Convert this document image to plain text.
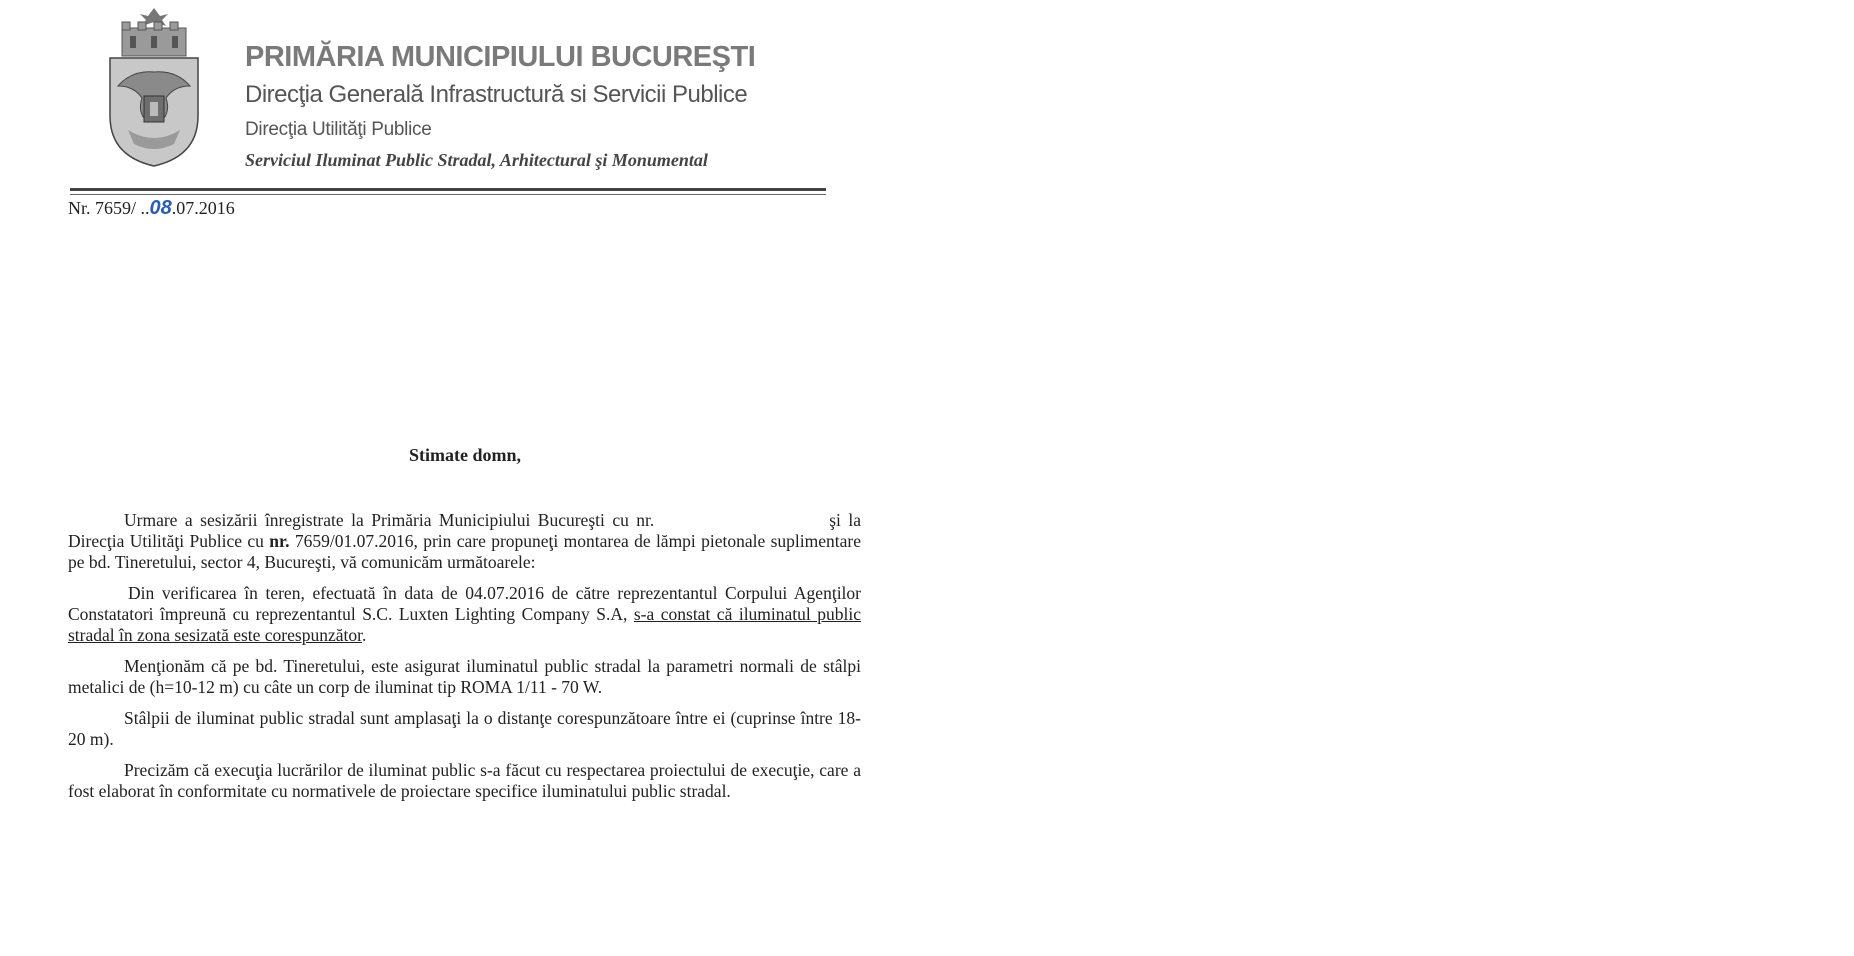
PRIMĂRIA MUNICIPIULUI BUCUREŞTI
Direcţia Generală Infrastructură si Servicii Publice
Direcţia Utilităţi Publice
Serviciul Iluminat Public Stradal, Arhitectural şi Monumental
Nr. 7659/ ..08.07.2016
Stimate domn,

Urmare a sesizării înregistrate la Primăria Municipiului Bucureşti cu nr.	şi la Direcţia Utilităţi Publice cu nr. 7659/01.07.2016, prin care propuneţi montarea de lămpi pietonale suplimentare pe bd. Tineretului, sector 4, Bucureşti, vă comunicăm următoarele:

Din verificarea în teren, efectuată în data de 04.07.2016 de către reprezentantul Corpului Agenţilor Constatatori împreună cu reprezentantul S.C. Luxten Lighting Company S.A, s-a constat că iluminatul public stradal în zona sesizată este corespunzător.

Menţionăm că pe bd. Tineretului, este asigurat iluminatul public stradal la parametri normali de stâlpi metalici de (h=10-12 m) cu câte un corp de iluminat tip ROMA 1/11 - 70 W.

Stâlpii de iluminat public stradal sunt amplasaţi la o distanţe corespunzătoare între ei (cuprinse între 18-20 m).

Precizăm că execuţia lucrărilor de iluminat public s-a făcut cu respectarea proiectului de execuţie, care a fost elaborat în conformitate cu normativele de proiectare specifice iluminatului public stradal.
